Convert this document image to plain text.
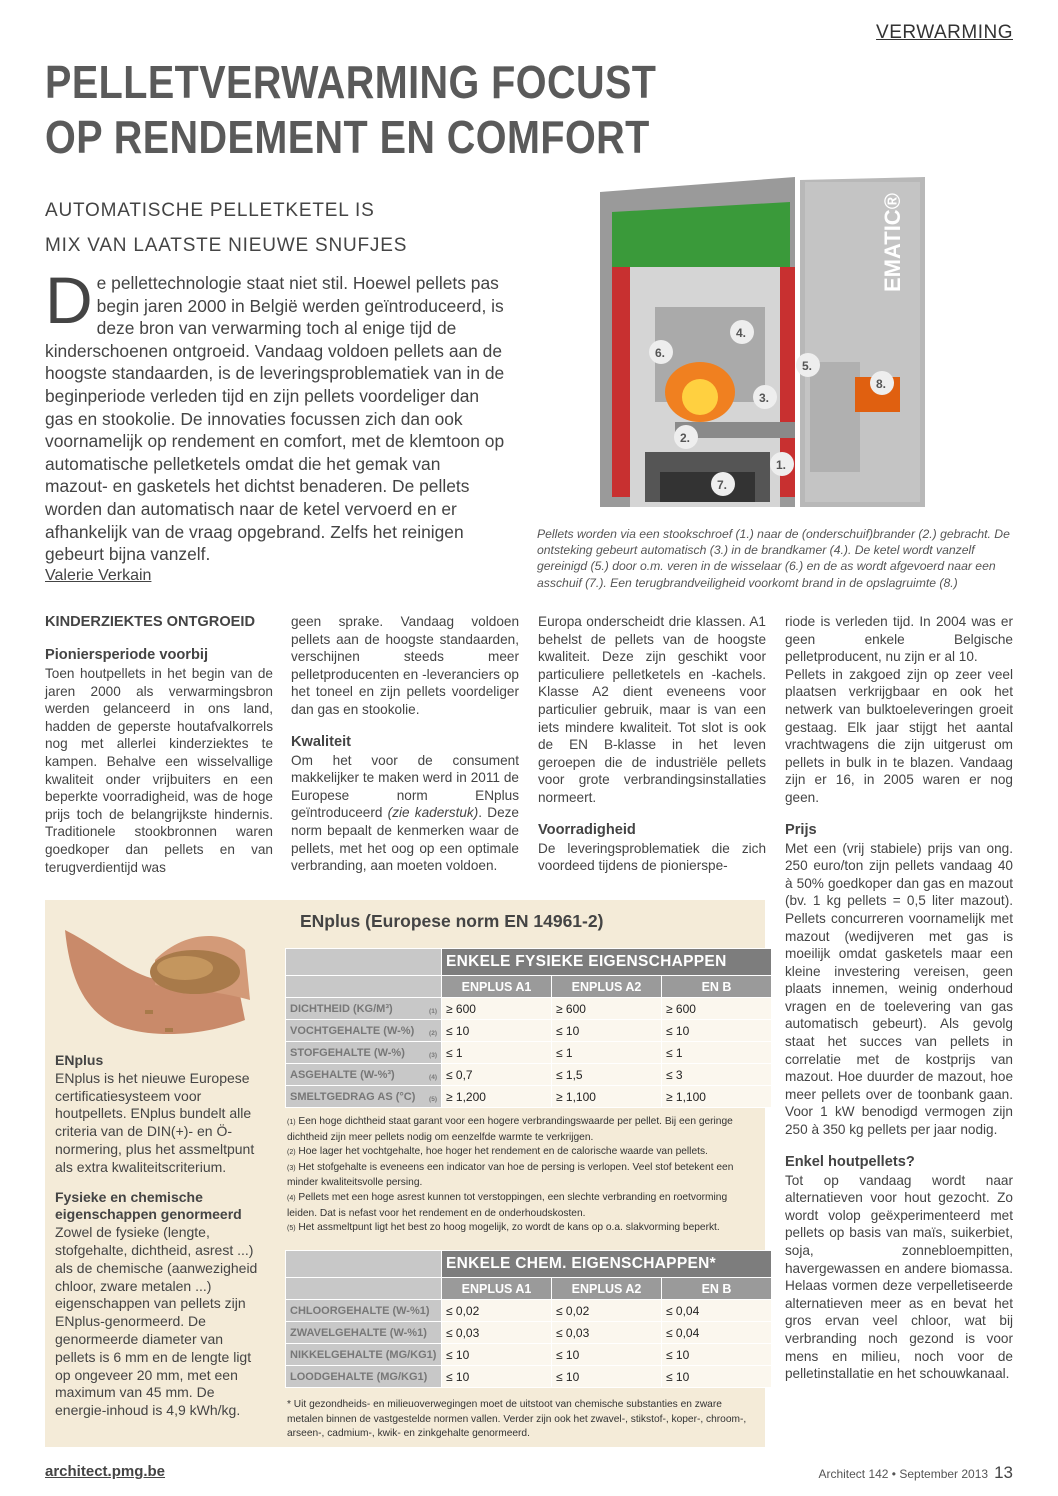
VERWARMING
PELLETVERWARMING FOCUST OP RENDEMENT EN COMFORT
AUTOMATISCHE PELLETKETEL IS
MIX VAN LAATSTE NIEUWE SNUFJES
De pellettechnologie staat niet stil. Hoewel pellets pas begin jaren 2000 in België werden geïntroduceerd, is deze bron van verwarming toch al enige tijd de kinderschoenen ontgroeid. Vandaag voldoen pellets aan de hoogste standaarden, is de leveringsproblematiek van in de beginperiode verleden tijd en zijn pellets voordeliger dan gas en stookolie. De innovaties focussen zich dan ook voornamelijk op rendement en comfort, met de klemtoon op automatische pelletketels omdat die het gemak van mazout- en gasketels het dichtst benaderen. De pellets worden dan automatisch naar de ketel vervoerd en er afhankelijk van de vraag opgebrand. Zelfs het reinigen gebeurt bijna vanzelf.
Valerie Verkain
EMATIC®
1.
2.
3.
4.
5.
6.
7.
8.
Pellets worden via een stookschroef (1.) naar de (onderschuif)brander (2.) gebracht. De ontsteking gebeurt automatisch (3.) in de brandkamer (4.). De ketel wordt vanzelf gereinigd (5.) door o.m. veren in de wisselaar (6.) en de as wordt afgevoerd naar een asschuif (7.). Een terugbrandveiligheid voorkomt brand in de opslagruimte (8.)
KINDERZIEKTES ONTGROEID
Pioniersperiode voorbij

Toen houtpellets in het begin van de jaren 2000 als verwarmingsbron werden gelanceerd in ons land, hadden de geperste houtafvalkorrels nog met allerlei kinderziektes te kampen. Behalve een wisselvallige kwaliteit onder vrijbuiters en een beperkte voorradigheid, was de hoge prijs toch de belangrijkste hindernis. Traditionele stookbronnen waren goedkoper dan pellets en van terugverdientijd was

geen sprake. Vandaag voldoen pellets aan de hoogste standaarden, verschijnen steeds meer pelletproducenten en -leveranciers op het toneel en zijn pellets voordeliger dan gas en stookolie.

Kwaliteit

Om het voor de consument makkelijker te maken werd in 2011 de Europese norm ENplus geïntroduceerd (zie kaderstuk). Deze norm bepaalt de kenmerken waar de pellets, met het oog op een optimale verbranding, aan moeten voldoen.

Europa onderscheidt drie klassen. A1 behelst de pellets van de hoogste kwaliteit. Deze zijn geschikt voor particuliere pelletketels en -kachels. Klasse A2 dient eveneens voor particulier gebruik, maar is van een iets mindere kwaliteit. Tot slot is ook de EN B-klasse in het leven geroepen die de industriële pellets voor grote verbrandingsinstallaties normeert.

Voorradigheid

De leveringsproblematiek die zich voordeed tijdens de pionierspe-

riode is verleden tijd. In 2004 was er geen enkele Belgische pelletproducent, nu zijn er al 10.

Pellets in zakgoed zijn op zeer veel plaatsen verkrijgbaar en ook het netwerk van bulktoeleveringen groeit gestaag. Elk jaar stijgt het aantal vrachtwagens die zijn uitgerust om pellets in bulk in te blazen. Vandaag zijn er 16, in 2005 waren er nog geen.

Prijs

Met een (vrij stabiele) prijs van ong. 250 euro/ton zijn pellets vandaag 40 à 50% goedkoper dan gas en mazout (bv. 1 kg pellets = 0,5 liter mazout). Pellets concurreren voornamelijk met mazout (wedijveren met gas is moeilijk omdat gasketels maar een kleine investering vereisen, geen plaats innemen, weinig onderhoud vragen en de toelevering van gas automatisch gebeurt). Als gevolg staat het succes van pellets in correlatie met de kostprijs van mazout. Hoe duurder de mazout, hoe meer pellets over de toonbank gaan. Voor 1 kW benodigd vermogen zijn 250 à 350 kg pellets per jaar nodig.

Enkel houtpellets?

Tot op vandaag wordt naar alternatieven voor hout gezocht. Zo wordt volop geëxperimenteerd met pellets op basis van maïs, suikerbiet, soja, zonnebloempitten, havergewassen en andere biomassa. Helaas vormen deze verpelletiseerde alternatieven meer as en bevat het gros ervan veel chloor, wat bij verbranding noch gezond is voor mens en milieu, noch voor de pelletinstallatie en het schouwkanaal.

ENplus
ENplus is het nieuwe Europese certificatiesysteem voor houtpellets. ENplus bundelt alle criteria van de DIN(+)- en Ö-normering, plus het assmeltpunt als extra kwaliteitscriterium.
Fysieke en chemische eigenschappen genormeerd
Zowel de fysieke (lengte, stofgehalte, dichtheid, asrest ...) als de chemische (aanwezigheid chloor, zware metalen ...) eigenschappen van pellets zijn ENplus-genormeerd. De genormeerde diameter van pellets is 6 mm en de lengte ligt op ongeveer 20 mm, met een maximum van 45 mm. De energie-inhoud is 4,9 kWh/kg.
ENplus (Europese norm EN 14961-2)
	ENKELE FYSIEKE EIGENSCHAPPEN		
	ENPLUS A1	ENPLUS A2	EN B
DICHTHEID (KG/M³) (1)	≥ 600	≥ 600	≥ 600
VOCHTGEHALTE (W-%) (2)	≤ 10	≤ 10	≤ 10
STOFGEHALTE (W-%) (3)	≤ 1	≤ 1	≤ 1
ASGEHALTE (W-%³) (4)	≤ 0,7	≤ 1,5	≤ 3
SMELTGEDRAG AS (°C) (5)	≥ 1,200	≥ 1,100	≥ 1,100
(1) Een hoge dichtheid staat garant voor een hogere verbrandingswaarde per pellet. Bij een geringe dichtheid zijn meer pellets nodig om eenzelfde warmte te verkrijgen.
(2) Hoe lager het vochtgehalte, hoe hoger het rendement en de calorische waarde van pellets.
(3) Het stofgehalte is eveneens een indicator van hoe de persing is verlopen. Veel stof betekent een minder kwaliteitsvolle persing.
(4) Pellets met een hoge asrest kunnen tot verstoppingen, een slechte verbranding en roetvorming leiden. Dat is nefast voor het rendement en de onderhoudskosten.
(5) Het assmeltpunt ligt het best zo hoog mogelijk, zo wordt de kans op o.a. slakvorming beperkt.
	ENKELE CHEM. EIGENSCHAPPEN*		
	ENPLUS A1	ENPLUS A2	EN B
CHLOORGEHALTE (W-%1)	≤ 0,02	≤ 0,02	≤ 0,04
ZWAVELGEHALTE (W-%1)	≤ 0,03	≤ 0,03	≤ 0,04
NIKKELGEHALTE (MG/KG1)	≤ 10	≤ 10	≤ 10
LOODGEHALTE (MG/KG1)	≤ 10	≤ 10	≤ 10
* Uit gezondheids- en milieuoverwegingen moet de uitstoot van chemische substanties en zware metalen binnen de vastgestelde normen vallen. Verder zijn ook het zwavel-, stikstof-, koper-, chroom-, arseen-, cadmium-, kwik- en zinkgehalte genormeerd.
architect.pmg.be	Architect 142 • September 2013 13
